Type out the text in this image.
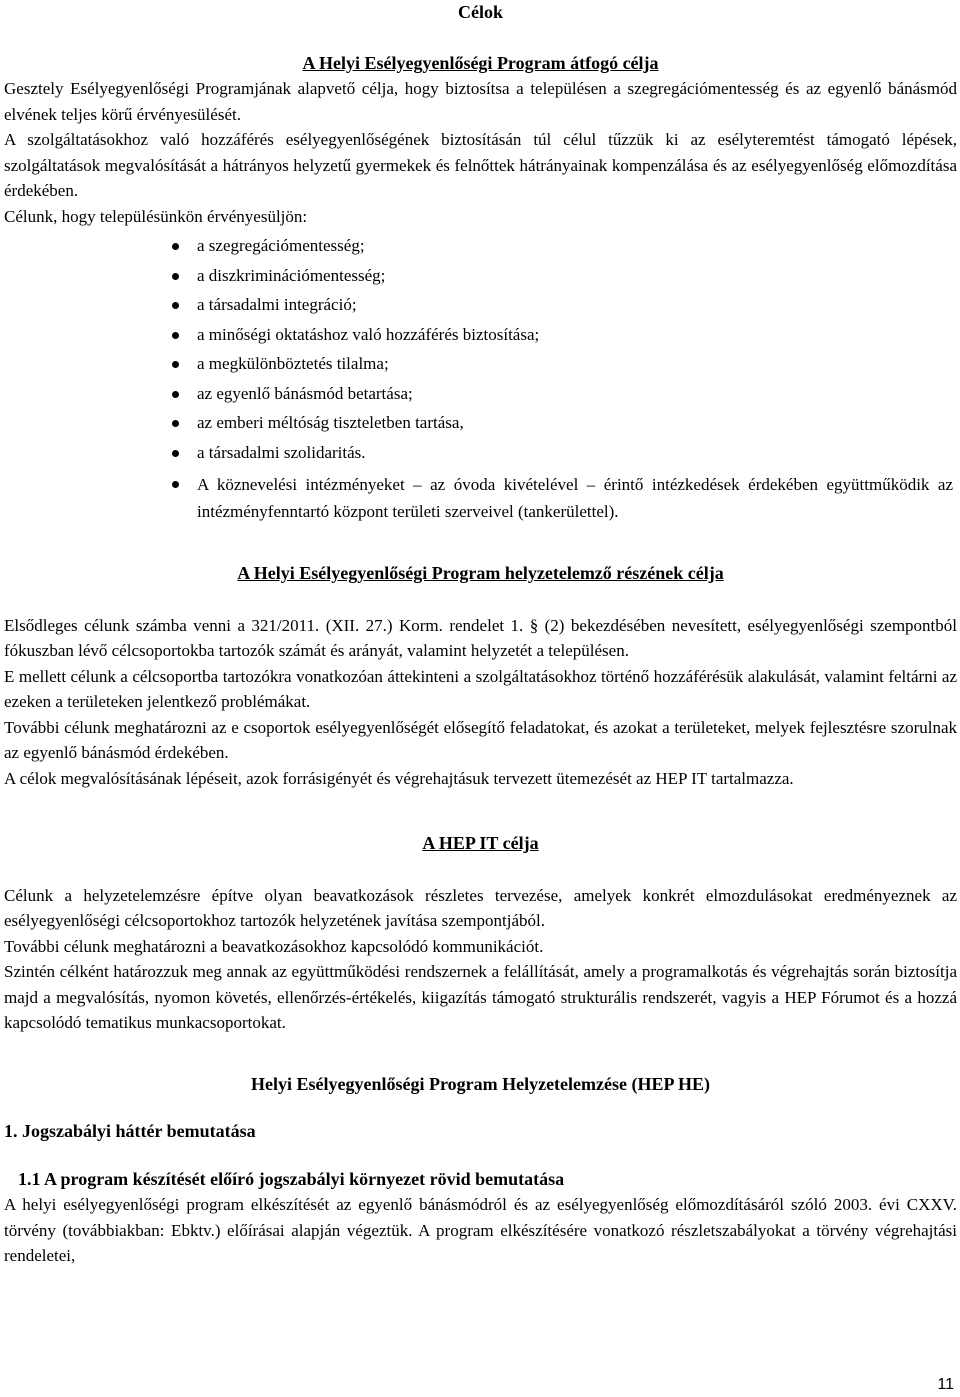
Célok
A Helyi Esélyegyenlőségi Program átfogó célja

Gesztely Esélyegyenlőségi Programjának alapvető célja, hogy biztosítsa a településen a szegregációmentesség és az egyenlő bánásmód elvének teljes körű érvényesülését.

A szolgáltatásokhoz való hozzáférés esélyegyenlőségének biztosításán túl célul tűzzük ki az esélyteremtést támogató lépések, szolgáltatások megvalósítását a hátrányos helyzetű gyermekek és felnőttek hátrányainak kompenzálása és az esélyegyenlőség előmozdítása érdekében.

Célunk, hogy településünkön érvényesüljön:

a szegregációmentesség;
a diszkriminációmentesség;
a társadalmi integráció;
a minőségi oktatáshoz való hozzáférés biztosítása;
a megkülönböztetés tilalma;
az egyenlő bánásmód betartása;
az emberi méltóság tiszteletben tartása,
a társadalmi szolidaritás.
A köznevelési intézményeket – az óvoda kivételével – érintő intézkedések érdekében együttműködik az intézményfenntartó központ területi szerveivel (tankerülettel).
A Helyi Esélyegyenlőségi Program helyzetelemző részének célja

Elsődleges célunk számba venni a 321/2011. (XII. 27.) Korm. rendelet 1. § (2) bekezdésében nevesített, esélyegyenlőségi szempontból fókuszban lévő célcsoportokba tartozók számát és arányát, valamint helyzetét a településen.

E mellett célunk a célcsoportba tartozókra vonatkozóan áttekinteni a szolgáltatásokhoz történő hozzáférésük alakulását, valamint feltárni az ezeken a területeken jelentkező problémákat.

További célunk meghatározni az e csoportok esélyegyenlőségét elősegítő feladatokat, és azokat a területeket, melyek fejlesztésre szorulnak az egyenlő bánásmód érdekében.

A célok megvalósításának lépéseit, azok forrásigényét és végrehajtásuk tervezett ütemezését az HEP IT tartalmazza.

A HEP IT célja

Célunk a helyzetelemzésre építve olyan beavatkozások részletes tervezése, amelyek konkrét elmozdulásokat eredményeznek az esélyegyenlőségi célcsoportokhoz tartozók helyzetének javítása szempontjából.

További célunk meghatározni a beavatkozásokhoz kapcsolódó kommunikációt.

Szintén célként határozzuk meg annak az együttműködési rendszernek a felállítását, amely a programalkotás és végrehajtás során biztosítja majd a megvalósítás, nyomon követés, ellenőrzés-értékelés, kiigazítás támogató strukturális rendszerét, vagyis a HEP Fórumot és a hozzá kapcsolódó tematikus munkacsoportokat.

Helyi Esélyegyenlőségi Program Helyzetelemzése (HEP HE)
1. Jogszabályi háttér bemutatása
1.1 A program készítését előíró jogszabályi környezet rövid bemutatása

A helyi esélyegyenlőségi program elkészítését az egyenlő bánásmódról és az esélyegyenlőség előmozdításáról szóló 2003. évi CXXV. törvény (továbbiakban: Ebktv.) előírásai alapján végeztük. A program elkészítésére vonatkozó részletszabályokat a törvény végrehajtási rendeletei,

11
